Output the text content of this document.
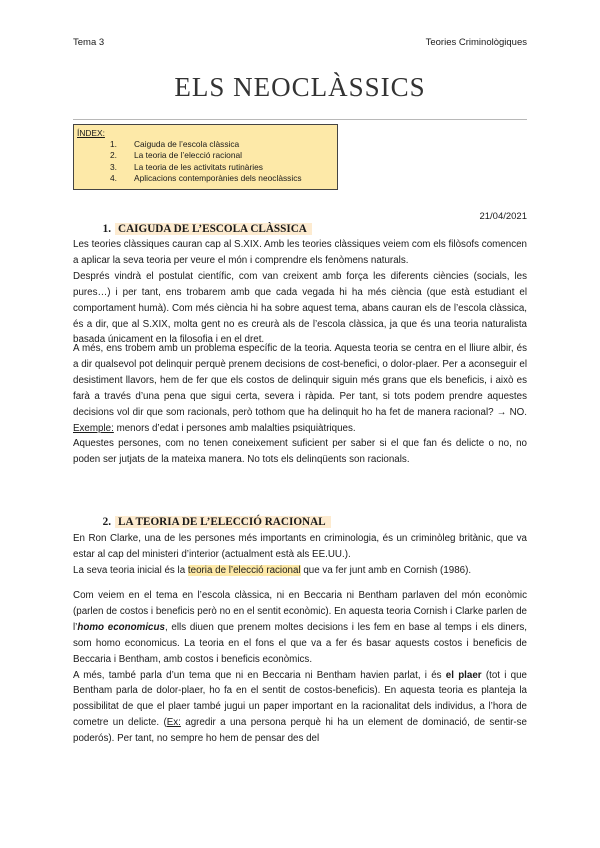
Tema 3	Teories Criminològiques
ELS NEOCLÀSSICS
ÍNDEX:
1.	Caiguda de l’escola clàssica
2.	La teoria de l’elecció racional
3.	La teoria de les activitats rutinàries
4.	Aplicacions contemporànies dels neoclàssics
21/04/2021
1. CAIGUDA DE L’ESCOLA CLÀSSICA

Les teories clàssiques cauran cap al S.XIX. Amb les teories clàssiques veiem com els filòsofs comencen a aplicar la seva teoria per veure el món i comprendre els fenòmens naturals.

Després vindrà el postulat científic, com van creixent amb força les diferents ciències (socials, les pures…) i per tant, ens trobarem amb que cada vegada hi ha més ciència (que està estudiant el comportament humà). Com més ciència hi ha sobre aquest tema, abans cauran els de l’escola clàssica, és a dir, que al S.XIX, molta gent no es creurà als de l’escola clàssica, ja que és una teoria naturalista basada únicament en la filosofia i en el dret.

A més, ens trobem amb un problema específic de la teoria. Aquesta teoria se centra en el lliure albir, és a dir qualsevol pot delinquir perquè prenem decisions de cost-benefici, o dolor-plaer. Per a aconseguir el desistiment llavors, hem de fer que els costos de delinquir siguin més grans que els beneficis, i això es farà a través d’una pena que sigui certa, severa i ràpida. Per tant, si tots podem prendre aquestes decisions vol dir que som racionals, però tothom que ha delinquit ho ha fet de manera racional? → NO. Exemple: menors d’edat i persones amb malalties psiquiàtriques.

Aquestes persones, com no tenen coneixement suficient per saber si el que fan és delicte o no, no poden ser jutjats de la mateixa manera. No tots els delinqüents son racionals.

2. LA TEORIA DE L’ELECCIÓ RACIONAL

En Ron Clarke, una de les persones més importants en criminologia, és un criminòleg britànic, que va estar al cap del ministeri d’interior (actualment està als EE.UU.).

La seva teoria inicial és la teoria de l’elecció racional que va fer junt amb en Cornish (1986).

Com veiem en el tema en l’escola clàssica, ni en Beccaria ni Bentham parlaven del món econòmic (parlen de costos i beneficis però no en el sentit econòmic). En aquesta teoria Cornish i Clarke parlen de l’homo economicus, ells diuen que prenem moltes decisions i les fem en base al temps i els diners, som homo economicus. La teoria en el fons el que va a fer és basar aquests costos i beneficis de Beccaria i Bentham, amb costos i beneficis econòmics.

A més, també parla d’un tema que ni en Beccaria ni Bentham havien parlat, i és el plaer (tot i que Bentham parla de dolor-plaer, ho fa en el sentit de costos-beneficis). En aquesta teoria es planteja la possibilitat de que el plaer també jugui un paper important en la racionalitat dels individus, a l’hora de cometre un delicte. (Ex: agredir a una persona perquè hi ha un element de dominació, de sentir-se poderós). Per tant, no sempre ho hem de pensar des del
